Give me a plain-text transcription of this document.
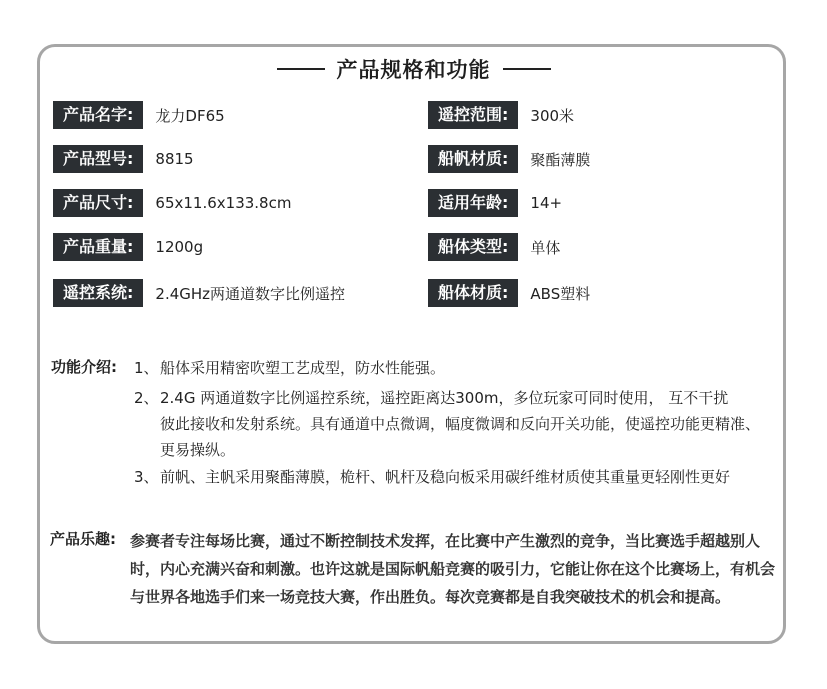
产品规格和功能
产品名字:	龙力DF65
产品型号:	8815
产品尺寸:	65x11.6x133.8cm
产品重量:	1200g
遥控系统:	2.4GHz两通道数字比例遥控
遥控范围:	300米
船帆材质:	聚酯薄膜
适用年龄:	14+
船体类型:	单体
船体材质:	ABS塑料
功能介绍: 1、船体采用精密吹塑工艺成型，防水性能强。
2、2.4G 两通道数字比例遥控系统，遥控距离达300m，多位玩家可同时使用， 互不干扰
彼此接收和发射系统。具有通道中点微调，幅度微调和反向开关功能，使遥控功能更精准、更易操纵。
3、前帆、主帆采用聚酯薄膜，桅杆、帆杆及稳向板采用碳纤维材质使其重量更轻刚性更好
产品乐趣: 参赛者专注每场比赛，通过不断控制技术发挥，在比赛中产生激烈的竞争，当比赛选手超越别人时，内心充满兴奋和刺激。也许这就是国际帆船竞赛的吸引力，它能让你在这个比赛场上，有机会与世界各地选手们来一场竞技大赛，作出胜负。每次竞赛都是自我突破技术的机会和提高。
